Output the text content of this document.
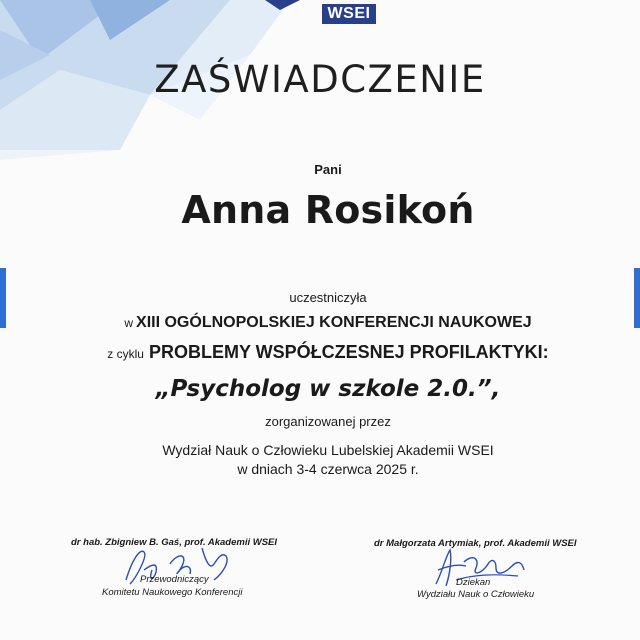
WSEI
ZAŚWIADCZENIE
Pani
Anna Rosikoń
uczestniczyła
w XIII OGÓLNOPOLSKIEJ KONFERENCJI NAUKOWEJ
z cyklu PROBLEMY WSPÓŁCZESNEJ PROFILAKTYKI:
„Psycholog w szkole 2.0.”,
zorganizowanej przez
Wydział Nauk o Człowieku Lubelskiej Akademii WSEI
w dniach 3-4 czerwca 2025 r.
dr hab. Zbigniew B. Gaś, prof. Akademii WSEI
Przewodniczący
Komitetu Naukowego Konferencji
dr Małgorzata Artymiak, prof. Akademii WSEI
Dziekan
Wydziału Nauk o Człowieku
